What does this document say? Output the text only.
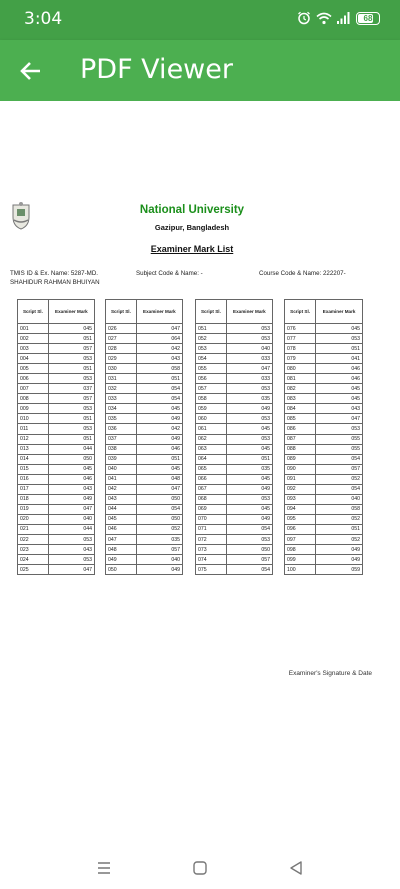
3:04	68
PDF Viewer
National University
Gazipur, Bangladesh
Examiner Mark List
TMIS ID & Ex. Name: 5287-MD. SHAHIDUR RAHMAN BHUIYAN
Subject Code & Name: -	Course Code & Name: 222207-
Script Sl.	Examiner Mark
001	045
002	051
003	057
004	053
005	051
006	053
007	037
008	057
009	053
010	051
011	053
012	051
013	044
014	050
015	045
016	046
017	043
018	049
019	047
020	040
021	044
022	053
023	043
024	053
025	047
Script Sl.	Examiner Mark
026	047
027	064
028	042
029	043
030	058
031	051
032	054
033	054
034	045
035	049
036	042
037	049
038	046
039	051
040	045
041	048
042	047
043	050
044	054
045	050
046	052
047	035
048	057
049	040
050	049
Script Sl.	Examiner Mark
051	053
052	053
053	040
054	033
055	047
056	033
057	053
058	035
059	049
060	053
061	045
062	053
063	045
064	051
065	035
066	045
067	049
068	053
069	045
070	049
071	054
072	053
073	050
074	057
075	054
Script Sl.	Examiner Mark
076	045
077	053
078	051
079	041
080	046
081	046
082	045
083	045
084	043
085	047
086	053
087	055
088	055
089	054
090	057
091	052
092	054
093	040
094	058
095	052
096	051
097	052
098	049
099	049
100	059
Examiner's Signature & Date
